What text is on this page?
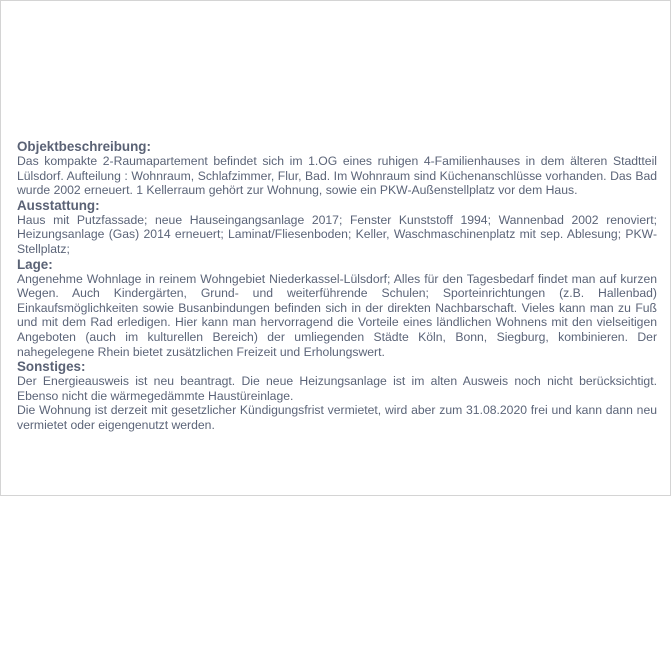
Objektbeschreibung:
Das kompakte 2-Raumapartement befindet sich im 1.OG eines ruhigen 4-Familienhauses in dem älteren Stadtteil Lülsdorf. Aufteilung : Wohnraum, Schlafzimmer, Flur, Bad. Im Wohnraum sind Küchenanschlüsse vorhanden. Das Bad wurde 2002 erneuert. 1 Kellerraum gehört zur Wohnung, sowie ein PKW-Außenstellplatz vor dem Haus.
Ausstattung:
Haus mit Putzfassade; neue Hauseingangsanlage 2017; Fenster Kunststoff 1994; Wannenbad 2002 renoviert; Heizungsanlage (Gas) 2014 erneuert; Laminat/Fliesenboden; Keller, Waschmaschinenplatz mit sep. Ablesung; PKW-Stellplatz;
Lage:
Angenehme Wohnlage in reinem Wohngebiet Niederkassel-Lülsdorf; Alles für den Tagesbedarf findet man auf kurzen Wegen. Auch Kindergärten, Grund- und weiterführende Schulen; Sporteinrichtungen (z.B. Hallenbad) Einkaufsmöglichkeiten sowie Busanbindungen befinden sich in der direkten Nachbarschaft. Vieles kann man zu Fuß und mit dem Rad erledigen. Hier kann man hervorragend die Vorteile eines ländlichen Wohnens mit den vielseitigen Angeboten (auch im kulturellen Bereich) der umliegenden Städte Köln, Bonn, Siegburg, kombinieren. Der nahegelegene Rhein bietet zusätzlichen Freizeit und Erholungswert.
Sonstiges:
Der Energieausweis ist neu beantragt. Die neue Heizungsanlage ist im alten Ausweis noch nicht berücksichtigt. Ebenso nicht die wärmegedämmte Haustüreinlage.
Die Wohnung ist derzeit mit gesetzlicher Kündigungsfrist vermietet, wird aber zum 31.08.2020 frei und kann dann neu vermietet oder eigengenutzt werden.
